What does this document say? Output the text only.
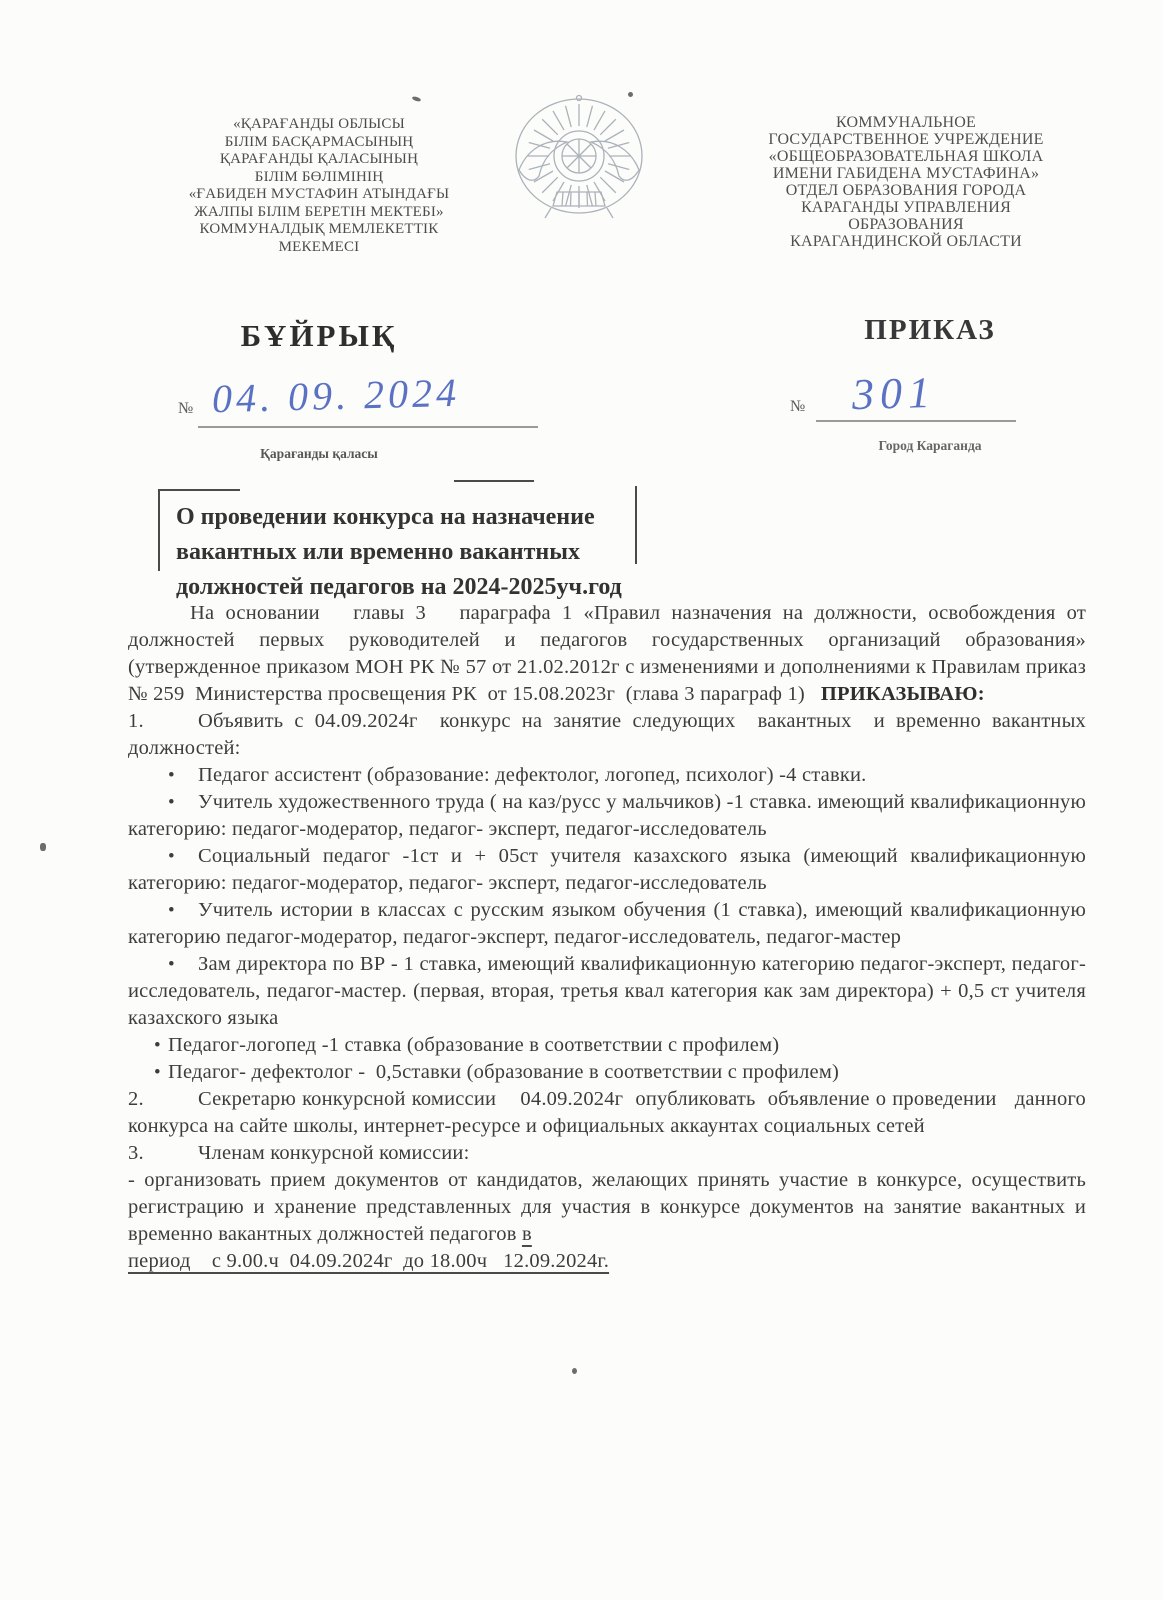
«ҚАРАҒАНДЫ ОБЛЫСЫ
БІЛІМ БАСҚАРМАСЫНЫҢ
ҚАРАҒАНДЫ ҚАЛАСЫНЫҢ
БІЛІМ БӨЛІМІНІҢ
«ҒАБИДЕН МУСТАФИН АТЫНДАҒЫ
ЖАЛПЫ БІЛІМ БЕРЕТІН МЕКТЕБІ»
КОММУНАЛДЫҚ МЕМЛЕКЕТТІК
МЕКЕМЕСІ
КОММУНАЛЬНОЕ
ГОСУДАРСТВЕННОЕ УЧРЕЖДЕНИЕ
«ОБЩЕОБРАЗОВАТЕЛЬНАЯ ШКОЛА
ИМЕНИ ГАБИДЕНА МУСТАФИНА»
ОТДЕЛ ОБРАЗОВАНИЯ ГОРОДА
КАРАГАНДЫ УПРАВЛЕНИЯ
ОБРАЗОВАНИЯ
КАРАГАНДИНСКОЙ ОБЛАСТИ
БҰЙРЫҚ	ПРИКАЗ
№ 04. 09. 2024	№ 301
Қарағанды қаласы
Город Караганда
О проведении конкурса на назначение
вакантных или временно вакантных
должностей педагогов на 2024-2025уч.год

На основании   главы 3   параграфа 1 «Правил назначения на должности, освобождения от должностей первых руководителей и педагогов государственных организаций образования» (утвержденное приказом МОН РК № 57 от 21.02.2012г с изменениями и дополнениями к Правилам приказ № 259  Министерства просвещения РК  от 15.08.2023г  (глава 3 параграф 1)   ПРИКАЗЫВАЮ:

1.	Объявить с 04.09.2024г  конкурс на занятие следующих  вакантных  и временно вакантных должностей:

• Педагог ассистент (образование: дефектолог, логопед, психолог) -4 ставки.

• Учитель художественного труда ( на каз/русс у мальчиков) -1 ставка. имеющий квалификационную категорию: педагог-модератор, педагог- эксперт, педагог-исследователь

• Социальный педагог -1ст и + 05ст учителя казахского языка (имеющий квалификационную категорию: педагог-модератор, педагог- эксперт, педагог-исследователь

• Учитель истории в классах с русским языком обучения (1 ставка), имеющий квалификационную категорию педагог-модератор, педагог-эксперт, педагог-исследователь, педагог-мастер

• Зам директора по ВР - 1 ставка, имеющий квалификационную категорию педагог-эксперт, педагог- исследователь, педагог-мастер. (первая, вторая, третья квал категория как зам директора) + 0,5 ст учителя казахского языка

• Педагог-логопед -1 ставка (образование в соответствии с профилем)

• Педагог- дефектолог -  0,5ставки (образование в соответствии с профилем)

2.	Секретарю конкурсной комиссии    04.09.2024г  опубликовать  объявление о проведении   данного конкурса на сайте школы, интернет-ресурсе и официальных аккаунтах социальных сетей

3.	Членам конкурсной комиссии:

- организовать прием документов от кандидатов, желающих принять участие в конкурсе, осуществить регистрацию и хранение представленных для участия в конкурсе документов на занятие вакантных и временно вакантных должностей педагогов в

период    с 9.00.ч  04.09.2024г  до 18.00ч   12.09.2024г.
